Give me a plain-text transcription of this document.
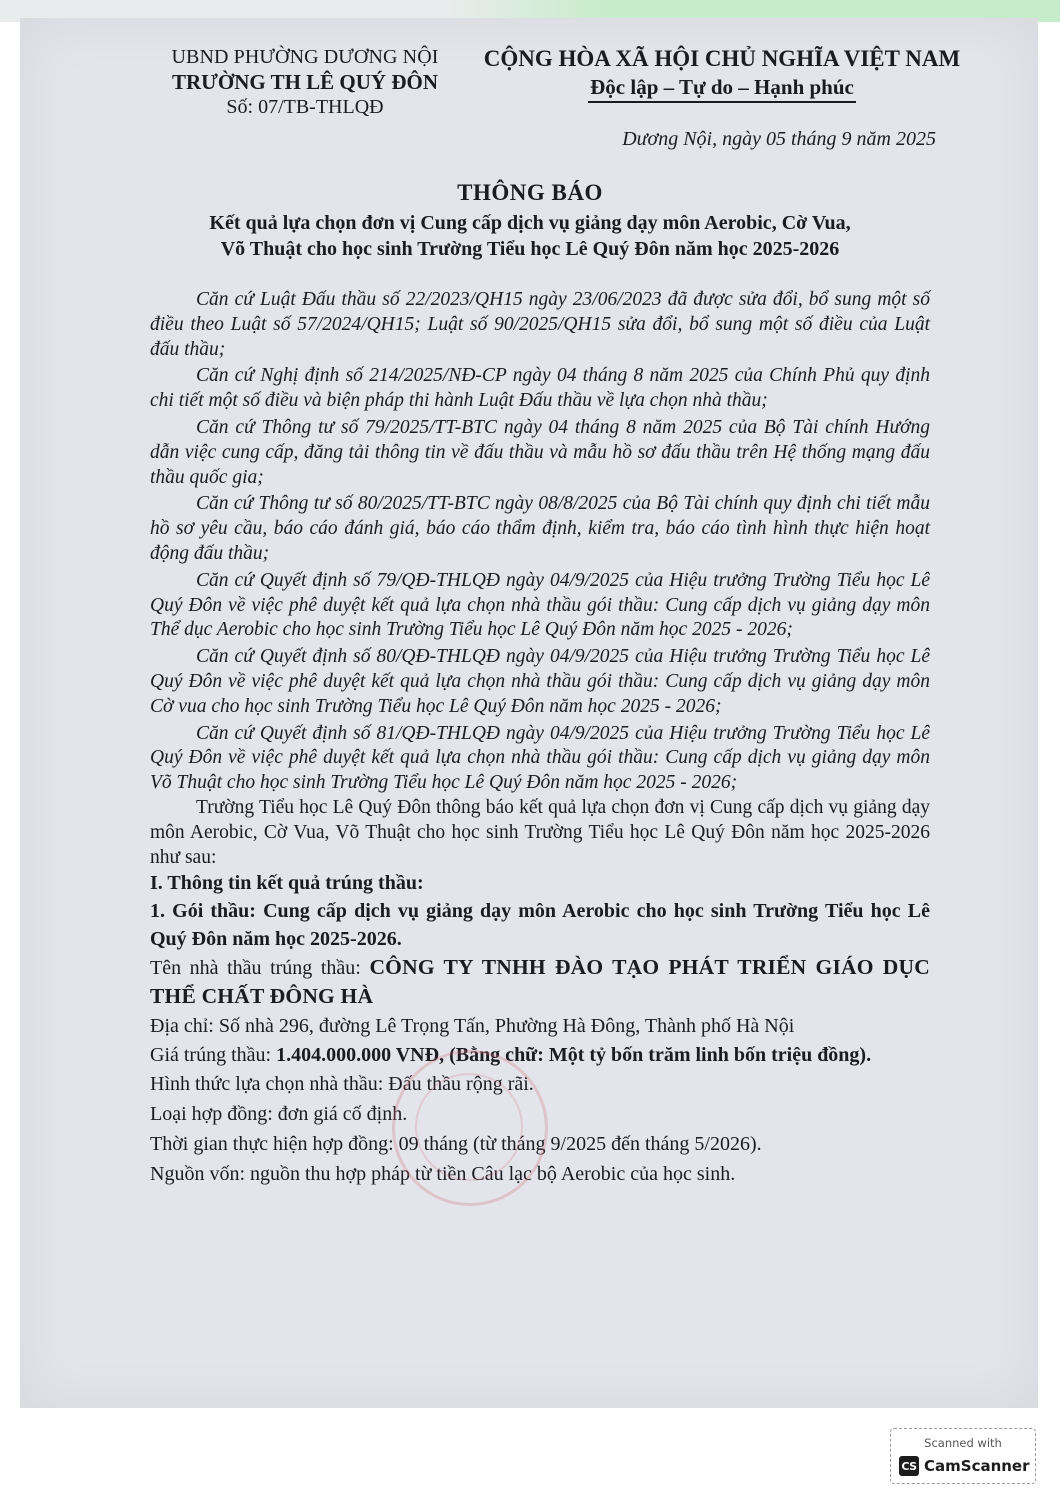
UBND PHƯỜNG DƯƠNG NỘI
TRƯỜNG TH LÊ QUÝ ĐÔN
Số: 07/TB-THLQĐ
CỘNG HÒA XÃ HỘI CHỦ NGHĨA VIỆT NAM
Độc lập – Tự do – Hạnh phúc
Dương Nội, ngày 05 tháng 9 năm 2025
THÔNG BÁO
Kết quả lựa chọn đơn vị Cung cấp dịch vụ giảng dạy môn Aerobic, Cờ Vua,
Võ Thuật cho học sinh Trường Tiểu học Lê Quý Đôn năm học 2025-2026

Căn cứ Luật Đấu thầu số 22/2023/QH15 ngày 23/06/2023 đã được sửa đổi, bổ sung một số điều theo Luật số 57/2024/QH15; Luật số 90/2025/QH15 sửa đổi, bổ sung một số điều của Luật đấu thầu;

Căn cứ Nghị định số 214/2025/NĐ-CP ngày 04 tháng 8 năm 2025 của Chính Phủ quy định chi tiết một số điều và biện pháp thi hành Luật Đấu thầu về lựa chọn nhà thầu;

Căn cứ Thông tư số 79/2025/TT-BTC ngày 04 tháng 8 năm 2025 của Bộ Tài chính Hướng dẫn việc cung cấp, đăng tải thông tin về đấu thầu và mẫu hồ sơ đấu thầu trên Hệ thống mạng đấu thầu quốc gia;

Căn cứ Thông tư số 80/2025/TT-BTC ngày 08/8/2025 của Bộ Tài chính quy định chi tiết mẫu hồ sơ yêu cầu, báo cáo đánh giá, báo cáo thẩm định, kiểm tra, báo cáo tình hình thực hiện hoạt động đấu thầu;

Căn cứ Quyết định số 79/QĐ-THLQĐ ngày 04/9/2025 của Hiệu trưởng Trường Tiểu học Lê Quý Đôn về việc phê duyệt kết quả lựa chọn nhà thầu gói thầu: Cung cấp dịch vụ giảng dạy môn Thể dục Aerobic cho học sinh Trường Tiểu học Lê Quý Đôn năm học 2025 - 2026;

Căn cứ Quyết định số 80/QĐ-THLQĐ ngày 04/9/2025 của Hiệu trưởng Trường Tiểu học Lê Quý Đôn về việc phê duyệt kết quả lựa chọn nhà thầu gói thầu: Cung cấp dịch vụ giảng dạy môn Cờ vua cho học sinh Trường Tiểu học Lê Quý Đôn năm học 2025 - 2026;

Căn cứ Quyết định số 81/QĐ-THLQĐ ngày 04/9/2025 của Hiệu trưởng Trường Tiểu học Lê Quý Đôn về việc phê duyệt kết quả lựa chọn nhà thầu gói thầu: Cung cấp dịch vụ giảng dạy môn Võ Thuật cho học sinh Trường Tiểu học Lê Quý Đôn năm học 2025 - 2026;

Trường Tiểu học Lê Quý Đôn thông báo kết quả lựa chọn đơn vị Cung cấp dịch vụ giảng dạy môn Aerobic, Cờ Vua, Võ Thuật cho học sinh Trường Tiểu học Lê Quý Đôn năm học 2025-2026 như sau:

I. Thông tin kết quả trúng thầu:

1. Gói thầu: Cung cấp dịch vụ giảng dạy môn Aerobic cho học sinh Trường Tiểu học Lê Quý Đôn năm học 2025-2026.

Tên nhà thầu trúng thầu: CÔNG TY TNHH ĐÀO TẠO PHÁT TRIỂN GIÁO DỤC THỂ CHẤT ĐÔNG HÀ

Địa chỉ: Số nhà 296, đường Lê Trọng Tấn, Phường Hà Đông, Thành phố Hà Nội

Giá trúng thầu: 1.404.000.000 VNĐ, (Bằng chữ: Một tỷ bốn trăm linh bốn triệu đồng).

Hình thức lựa chọn nhà thầu: Đấu thầu rộng rãi.

Loại hợp đồng: đơn giá cố định.

Thời gian thực hiện hợp đồng: 09 tháng (từ tháng 9/2025 đến tháng 5/2026).

Nguồn vốn: nguồn thu hợp pháp từ tiền Câu lạc bộ Aerobic của học sinh.

Scanned with
CS CamScanner
